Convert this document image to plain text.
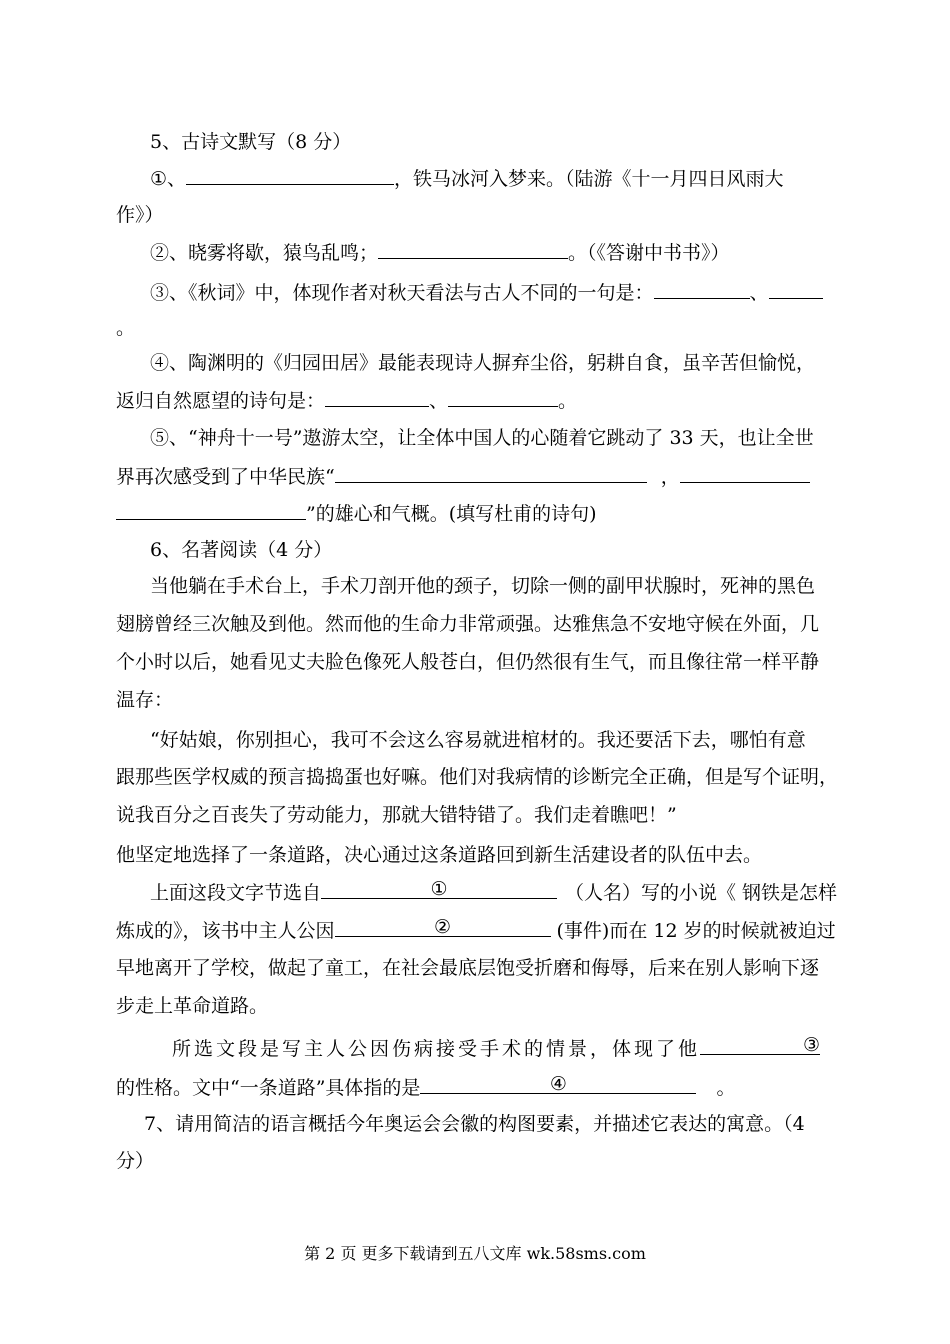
5、古诗文默写（8 分）
①、	，铁马冰河入梦来。（陆游《十一月四日风雨大
作》）
②、晓雾将歇，猿鸟乱鸣；	。（《答谢中书书》）
③、《秋词》中，体现作者对秋天看法与古人不同的一句是：	、
。
④、陶渊明的《归园田居》最能表现诗人摒弃尘俗，躬耕自食，虽辛苦但愉悦，
返归自然愿望的诗句是：	、	。
⑤、“神舟十一号”遨游太空，让全体中国人的心随着它跳动了 33 天，也让全世
界再次感受到了中华民族“	，
”的雄心和气概。(填写杜甫的诗句)
6、名著阅读（4 分）
当他躺在手术台上，手术刀剖开他的颈子，切除一侧的副甲状腺时，死神的黑色
翅膀曾经三次触及到他。然而他的生命力非常顽强。达雅焦急不安地守候在外面，几
个小时以后，她看见丈夫脸色像死人般苍白，但仍然很有生气，而且像往常一样平静
温存：
“好姑娘，你别担心，我可不会这么容易就进棺材的。我还要活下去，哪怕有意
跟那些医学权威的预言捣捣蛋也好嘛。他们对我病情的诊断完全正确，但是写个证明，
说我百分之百丧失了劳动能力，那就大错特错了。我们走着瞧吧！”
他坚定地选择了一条道路，决心通过这条道路回到新生活建设者的队伍中去。
上面这段文字节选自	①	（人名）写的小说《 钢铁是怎样
炼成的》，该书中主人公因	②	(事件)而在 12 岁的时候就被迫过
早地离开了学校，做起了童工，在社会最底层饱受折磨和侮辱，后来在别人影响下逐
步走上革命道路。
所选文段是写主人公因伤病接受手术的情景，体现了他	③
的性格。文中“一条道路”具体指的是	④	。
7、请用简洁的语言概括今年奥运会会徽的构图要素，并描述它表达的寓意。（4
分）
第 2 页 更多下载请到五八文库 wk.58sms.com
